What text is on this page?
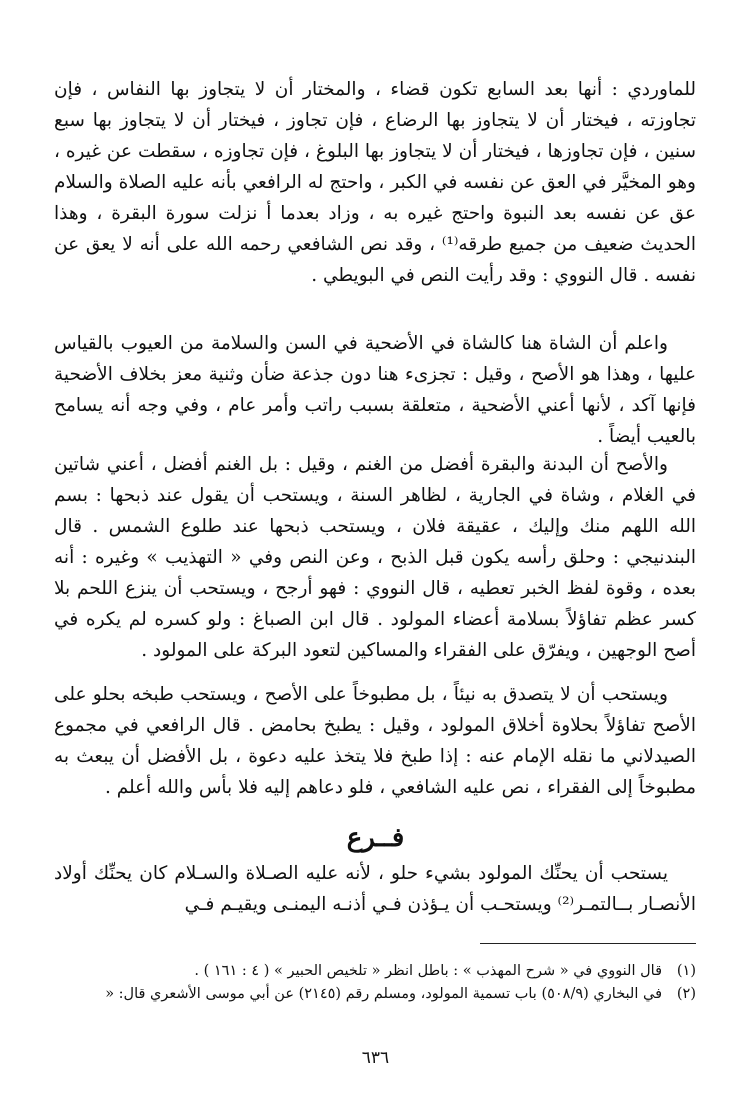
للماوردي : أنها بعد السابع تكون قضاء ، والمختار أن لا يتجاوز بها النفاس ، فإن تجاوزته ، فيختار أن لا يتجاوز بها الرضاع ، فإن تجاوز ، فيختار أن لا يتجاوز بها سبع سنين ، فإن تجاوزها ، فيختار أن لا يتجاوز بها البلوغ ، فإن تجاوزه ، سقطت عن غيره ، وهو المخيَّر في العق عن نفسه في الكبر ، واحتج له الرافعي بأنه عليه الصلاة والسلام عق عن نفسه بعد النبوة واحتج غيره به ، وزاد بعدما أ نزلت سورة البقرة ، وهذا الحديث ضعيف من جميع طرقه⁽¹⁾ ، وقد نص الشافعي رحمه الله على أنه لا يعق عن نفسه . قال النووي : وقد رأيت النص في البويطي .

واعلم أن الشاة هنا كالشاة في الأضحية في السن والسلامة من العيوب بالقياس عليها ، وهذا هو الأصح ، وقيل : تجزىء هنا دون جذعة ضأن وثنية معز بخلاف الأضحية فإنها آكد ، لأنها أعني الأضحية ، متعلقة بسبب راتب وأمر عام ، وفي وجه أنه يسامح بالعيب أيضاً .

والأصح أن البدنة والبقرة أفضل من الغنم ، وقيل : بل الغنم أفضل ، أعني شاتين في الغلام ، وشاة في الجارية ، لظاهر السنة ، ويستحب أن يقول عند ذبحها : بسم الله اللهم منك وإليك ، عقيقة فلان ، ويستحب ذبحها عند طلوع الشمس . قال البندنيجي : وحلق رأسه يكون قبل الذبح ، وعن النص وفي « التهذيب » وغيره : أنه بعده ، وقوة لفظ الخبر تعطيه ، قال النووي : فهو أرجح ، ويستحب أن ينزع اللحم بلا كسر عظم تفاؤلاً بسلامة أعضاء المولود . قال ابن الصباغ : ولو كسره لم يكره في أصح الوجهين ، ويفرّق على الفقراء والمساكين لتعود البركة على المولود .

ويستحب أن لا يتصدق به نيئاً ، بل مطبوخاً على الأصح ، ويستحب طبخه بحلو على الأصح تفاؤلاً بحلاوة أخلاق المولود ، وقيل : يطبخ بحامض . قال الرافعي في مجموع الصيدلاني ما نقله الإمام عنه : إذا طبخ فلا يتخذ عليه دعوة ، بل الأفضل أن يبعث به مطبوخاً إلى الفقراء ، نص عليه الشافعي ، فلو دعاهم إليه فلا بأس والله أعلم .

فــرع

يستحب أن يحنِّك المولود بشيء حلو ، لأنه عليه الصـلاة والسـلام كان يحنِّك أولاد الأنصـار بــالتمـر⁽²⁾ ويستحـب أن يـؤذن فـي أذنـه اليمنـى ويقيـم فـي

(١)
قال النووي في « شرح المهذب » : باطل انظر « تلخيص الحبير » ( ٤ : ١٦١ ) .
(٢)
في البخاري (٥٠٨/٩) باب تسمية المولود، ومسلم رقم (٢١٤٥) عن أبي موسى الأشعري قال: «
٦٣٦
